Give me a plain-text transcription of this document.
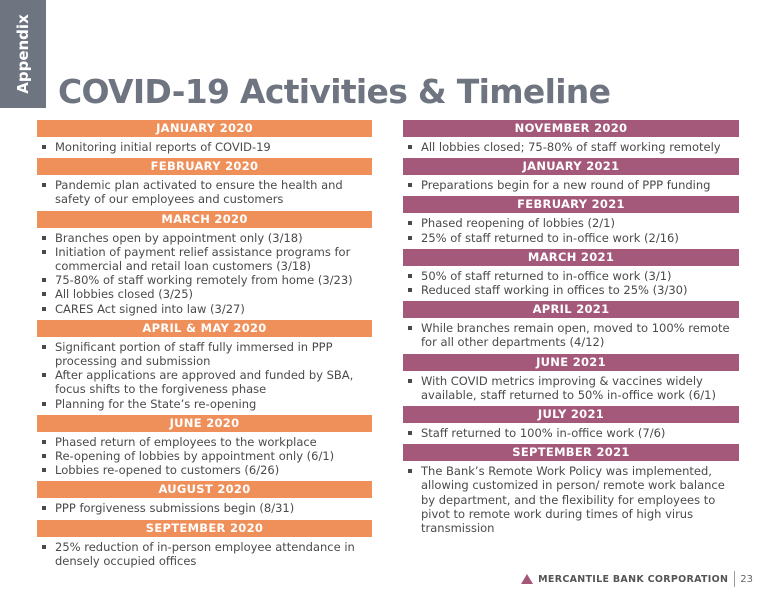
Appendix COVID-19 Activities & Timeline
JANUARY 2020
Monitoring initial reports of COVID-19
FEBRUARY 2020
Pandemic plan activated to ensure the health and safety of our employees and customers
MARCH 2020
Branches open by appointment only (3/18)
Initiation of payment relief assistance programs for commercial and retail loan customers (3/18)
75-80% of staff working remotely from home (3/23)
All lobbies closed (3/25)
CARES Act signed into law (3/27)
APRIL & MAY 2020
Significant portion of staff fully immersed in PPP processing and submission
After applications are approved and funded by SBA, focus shifts to the forgiveness phase
Planning for the State’s re-opening
JUNE 2020
Phased return of employees to the workplace
Re-opening of lobbies by appointment only (6/1)
Lobbies re-opened to customers (6/26)
AUGUST 2020
PPP forgiveness submissions begin (8/31)
SEPTEMBER 2020
25% reduction of in-person employee attendance in densely occupied offices
NOVEMBER 2020
All lobbies closed; 75-80% of staff working remotely
JANUARY 2021
Preparations begin for a new round of PPP funding
FEBRUARY 2021
Phased reopening of lobbies (2/1)
25% of staff returned to in-office work (2/16)
MARCH 2021
50% of staff returned to in-office work (3/1)
Reduced staff working in offices to 25% (3/30)
APRIL 2021
While branches remain open, moved to 100% remote for all other departments (4/12)
JUNE 2021
With COVID metrics improving & vaccines widely available, staff returned to 50% in-office work (6/1)
JULY 2021
Staff returned to 100% in-office work (7/6)
SEPTEMBER 2021
The Bank’s Remote Work Policy was implemented, allowing customized in person/ remote work balance by department, and the flexibility for employees to pivot to remote work during times of high virus transmission
MERCANTILE BANK CORPORATION 23
